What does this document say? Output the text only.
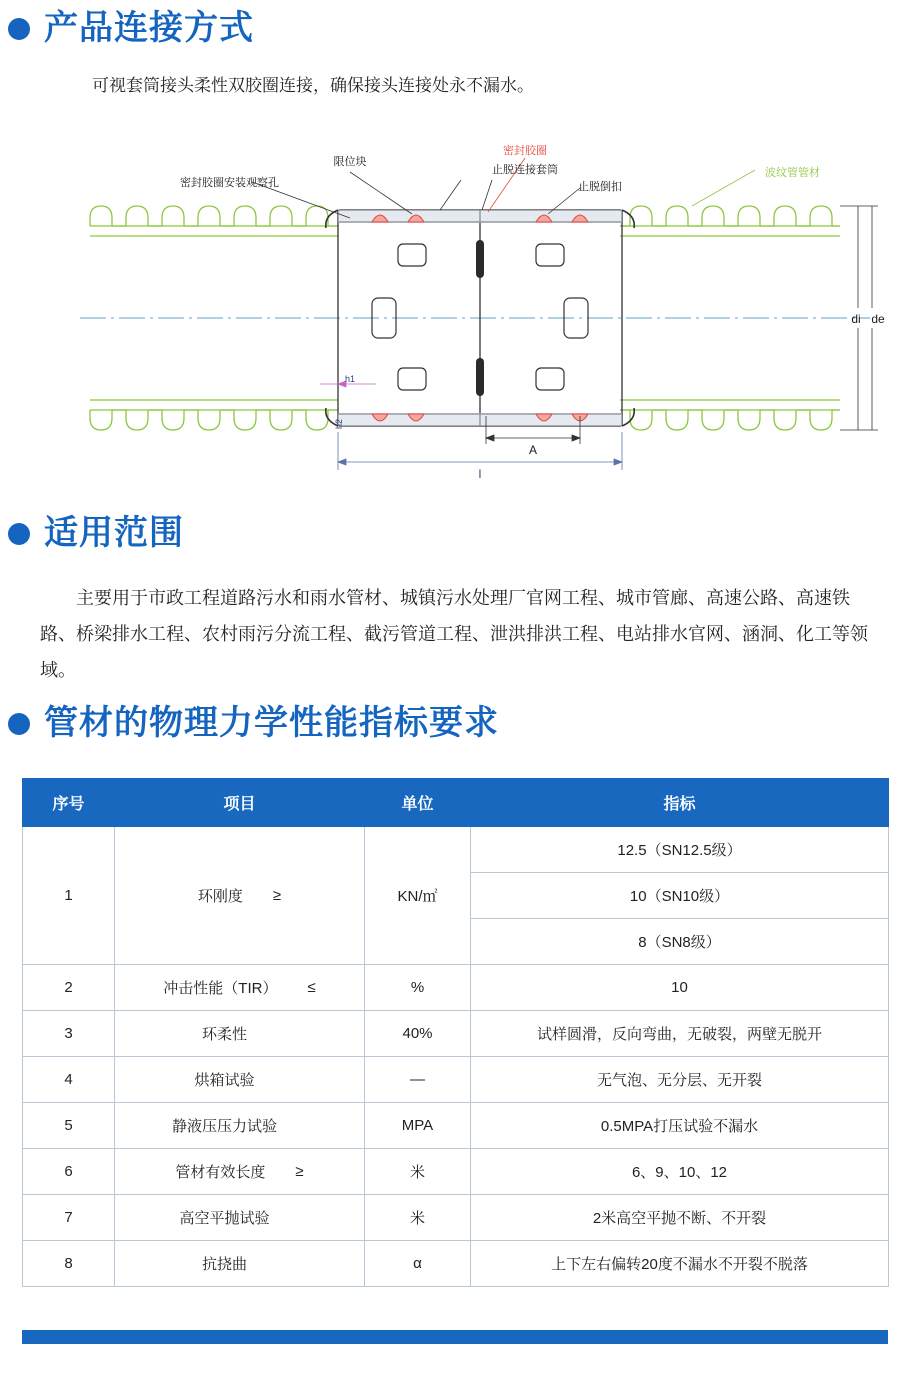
产品连接方式
可视套筒接头柔性双胶圈连接，确保接头连接处永不漏水。
密封胶圈
止脱连接套筒
止脱倒扣
限位块
密封胶圈安装观察孔
波纹管管材
di de
l
A
h1
h2
适用范围
主要用于市政工程道路污水和雨水管材、城镇污水处理厂官网工程、城市管廊、高速公路、高速铁路、桥梁排水工程、农村雨污分流工程、截污管道工程、泄洪排洪工程、电站排水官网、涵洞、化工等领域。
管材的物理力学性能指标要求
序号	项目	单位	指标
1	环刚度 ≥	KN/㎡	12.5（SN12.5级）
			10（SN10级）
			8（SN8级）
2	冲击性能（TIR） ≤	%	10
3	环柔性	40%	试样圆滑，反向弯曲，无破裂，两壁无脱开
4	烘箱试验	—	无气泡、无分层、无开裂
5	静液压压力试验	MPA	0.5MPA打压试验不漏水
6	管材有效长度 ≥	米	6、9、10、12
7	高空平抛试验	米	2米高空平抛不断、不开裂
8	抗挠曲	α	上下左右偏转20度不漏水不开裂不脱落
